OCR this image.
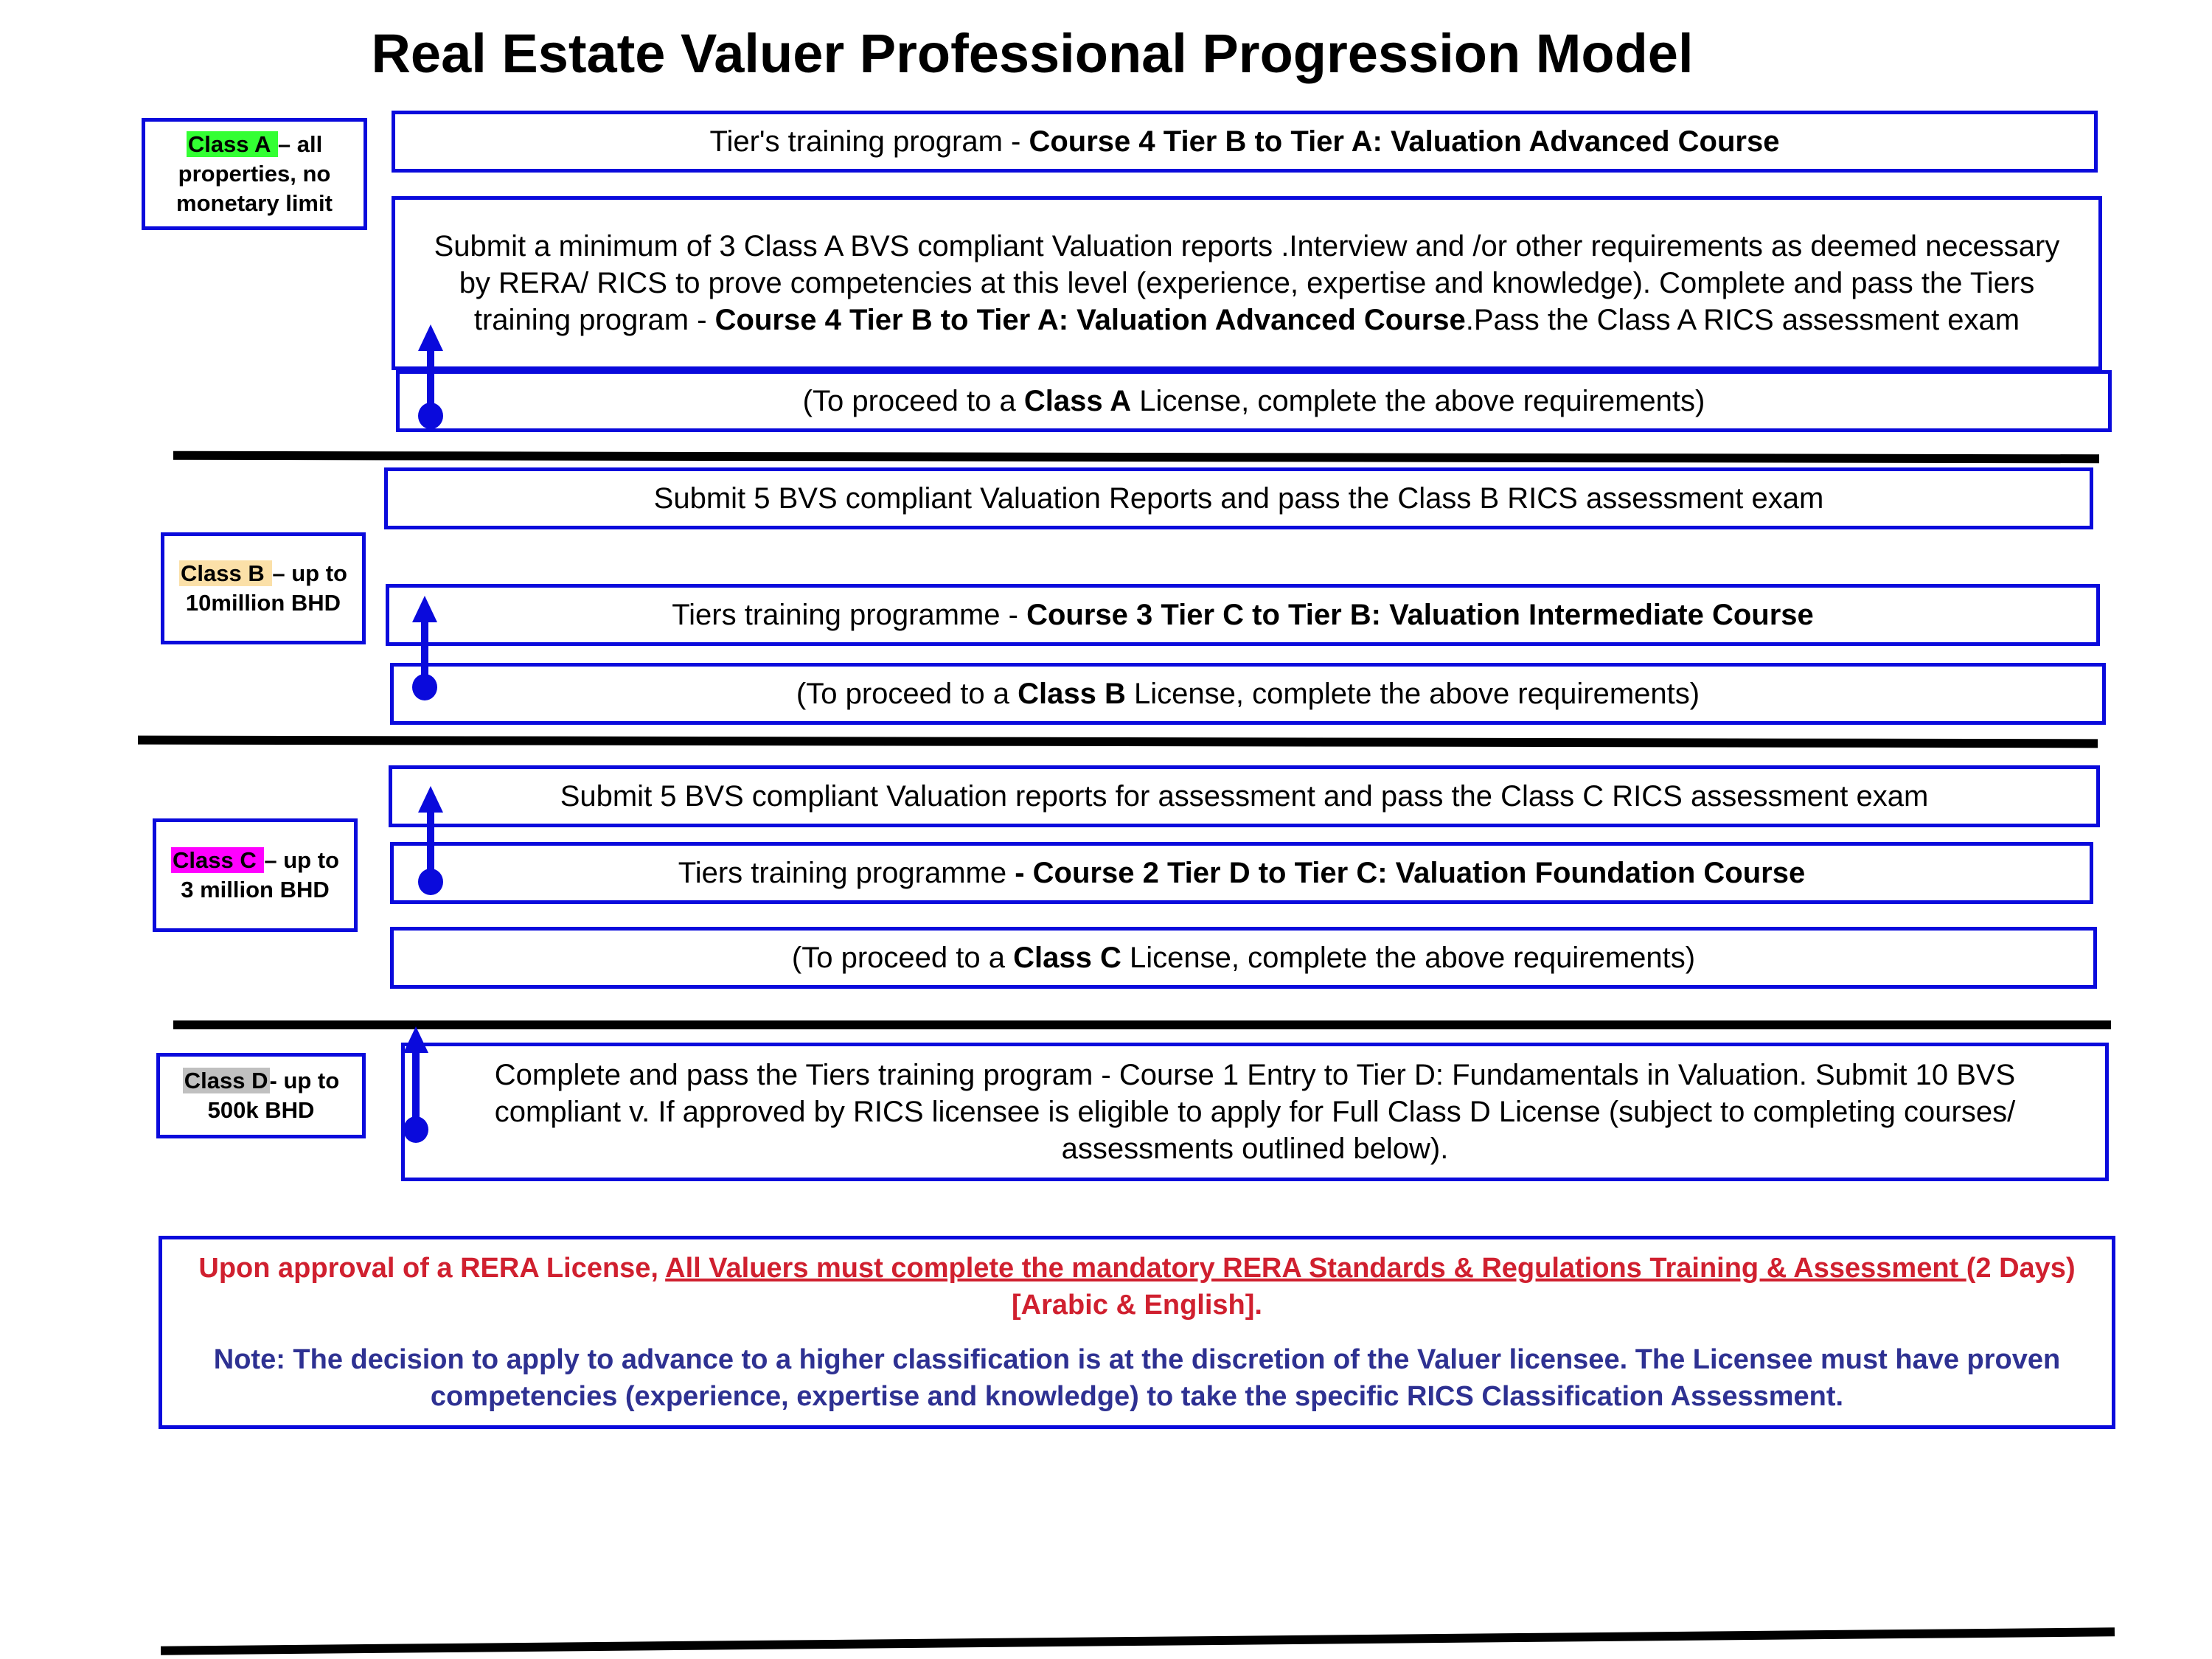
Real Estate Valuer Professional Progression Model
Class A – all properties, no monetary limit
Class B – up to 10million BHD
Class C – up to 3 million BHD
Class D- up to 500k BHD
Tier's training program - Course 4 Tier B to Tier A: Valuation Advanced Course
Submit a minimum of 3 Class A BVS compliant Valuation reports .Interview and /or other requirements as deemed necessary by RERA/ RICS to prove competencies at this level (experience, expertise and knowledge). Complete and pass the Tiers training program - Course 4 Tier B to Tier A: Valuation Advanced Course.Pass the Class A RICS assessment exam
(To proceed to a Class A License, complete the above requirements)
Submit 5 BVS compliant Valuation Reports and pass the Class B RICS assessment exam
Tiers training programme - Course 3 Tier C to Tier B: Valuation Intermediate Course
(To proceed to a Class B License, complete the above requirements)
Submit 5 BVS compliant Valuation reports for assessment and pass the Class C RICS assessment exam
Tiers training programme - Course 2 Tier D to Tier C: Valuation Foundation Course
(To proceed to a Class C License, complete the above requirements)
Complete and pass the Tiers training program - Course 1 Entry to Tier D: Fundamentals in Valuation. Submit 10 BVS compliant v. If approved by RICS licensee is eligible to apply for Full Class D License (subject to completing courses/ assessments outlined below).
Upon approval of a RERA License, All Valuers must complete the mandatory RERA Standards & Regulations Training & Assessment (2 Days) [Arabic & English].
Note: The decision to apply to advance to a higher classification is at the discretion of the Valuer licensee. The Licensee must have proven competencies (experience, expertise and knowledge) to take the specific RICS Classification Assessment.
